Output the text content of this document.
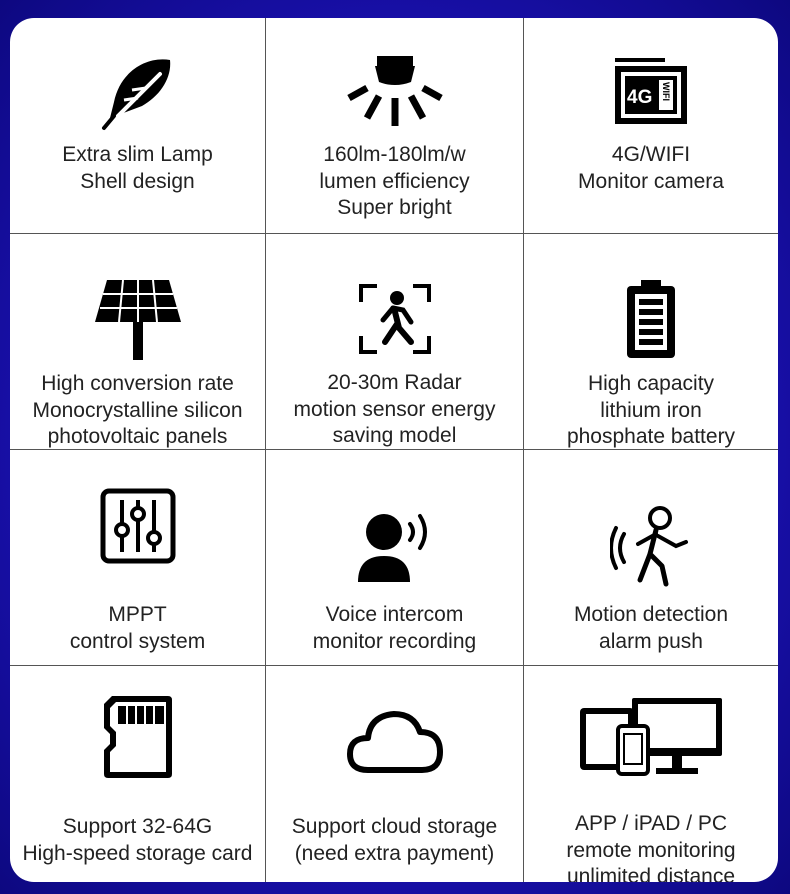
Extra slim Lamp
Shell design
160lm-180lm/w
lumen efficiency
Super bright
4G WIFI
4G/WIFI
Monitor camera
High conversion rate
Monocrystalline silicon
photovoltaic panels
20-30m Radar
motion sensor energy
saving model
High capacity
lithium iron
phosphate battery
MPPT
control system
Voice intercom
monitor recording
Motion detection
alarm push
Support 32-64G
High-speed storage card
Support cloud storage
(need extra payment)
APP / iPAD / PC
remote monitoring
unlimited distance
